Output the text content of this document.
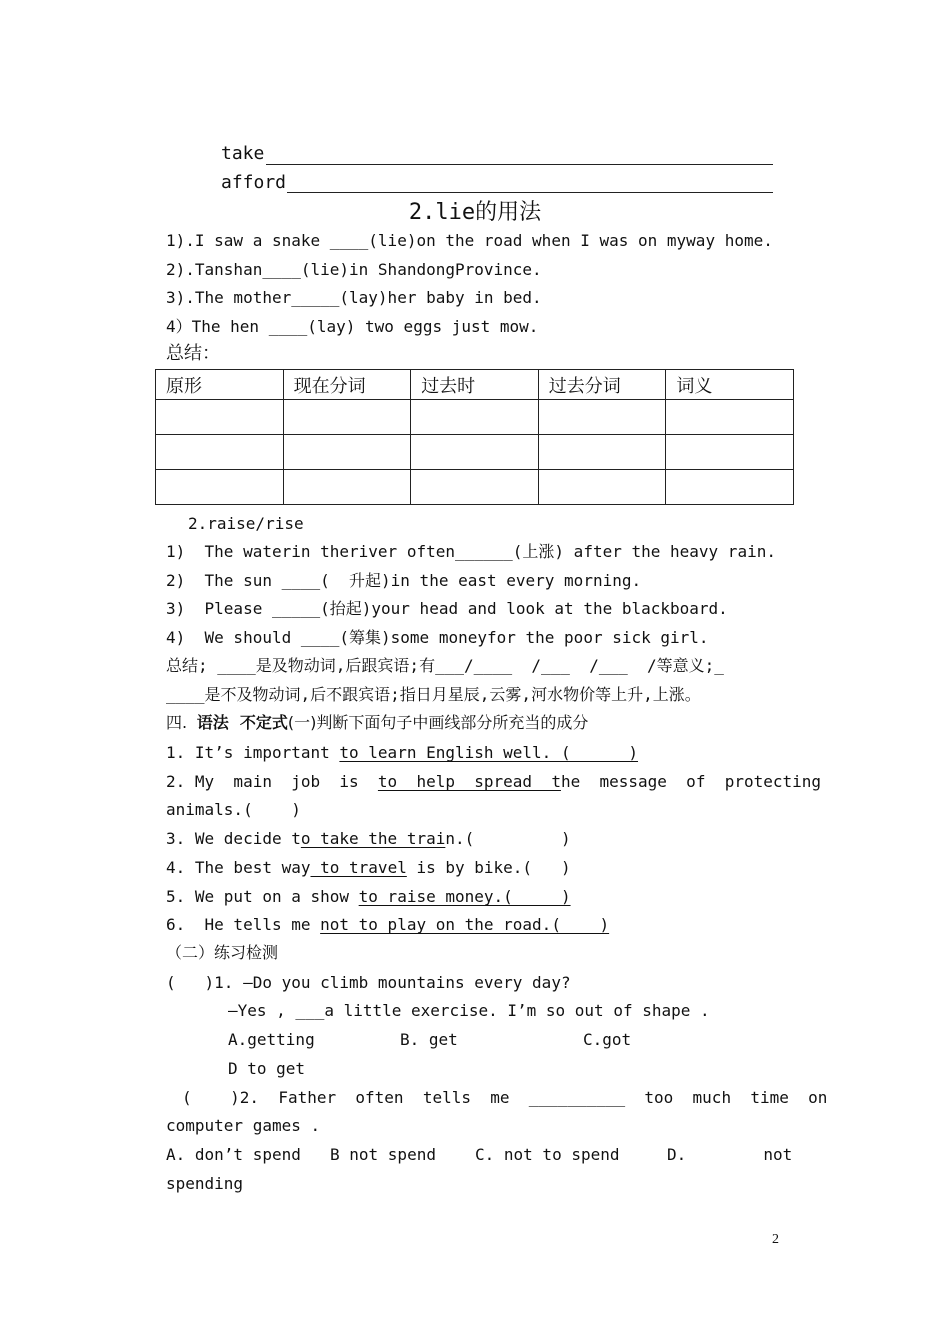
take
afford
2.lie的用法
1).I saw a snake ____(lie)on the road when I was on myway home.
2).Tanshan____(lie)in ShandongProvince.
3).The mother_____(lay)her baby in bed.
4）The hen ____(lay) two eggs just mow.
总结：
原形	现在分词	过去时	过去分词	词义

2.raise/rise
1)  The waterin theriver often______(上涨) after the heavy rain.
2)  The sun ____(  升起)in the east every morning.
3)  Please _____(抬起)your head and look at the blackboard.
4)  We should ____(筹集)some moneyfor the poor sick girl.
总结; ____是及物动词,后跟宾语;有___/____  /___  /___  /等意义;_
____是不及物动词,后不跟宾语;指日月星辰,云雾,河水物价等上升,上涨。
四. 语法  不定式(一)判断下面句子中画线部分所充当的成分
1. It’s important to learn English well. (      )
2. My  main  job  is  to  help  spread  the  message  of  protecting
animals.(    )
3. We decide to take the train.(         )
4. The best way to travel is by bike.(   )
5. We put on a show to raise money.(     )
6.  He tells me not to play on the road.(    )
（二）练习检测
(   )1. —Do you climb mountains every day?
—Yes , ___a little exercise. I’m so out of shape .
A.getting	B. get	C.got
D to get
(    )2.  Father  often  tells  me  __________  too  much  time  on
computer games .
A. don’t spend B not spend C. not to spend	D.        not
spending
2
